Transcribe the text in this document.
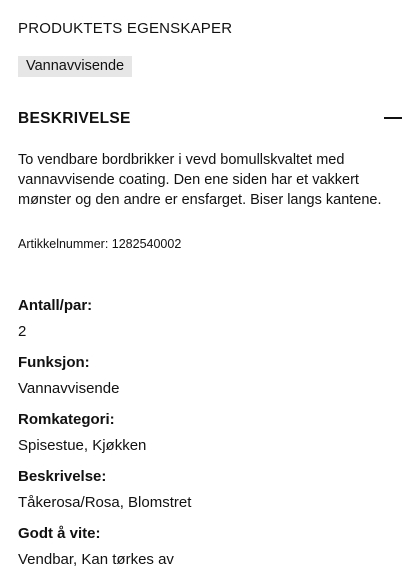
PRODUKTETS EGENSKAPER
Vannavvisende
BESKRIVELSE
To vendbare bordbrikker i vevd bomullskvaltet med vannavvisende coating. Den ene siden har et vakkert mønster og den andre er ensfarget. Biser langs kantene.
Artikkelnummer: 1282540002
Antall/par:
2
Funksjon:
Vannavvisende
Romkategori:
Spisestue, Kjøkken
Beskrivelse:
Tåkerosa/Rosa, Blomstret
Godt å vite:
Vendbar, Kan tørkes av
